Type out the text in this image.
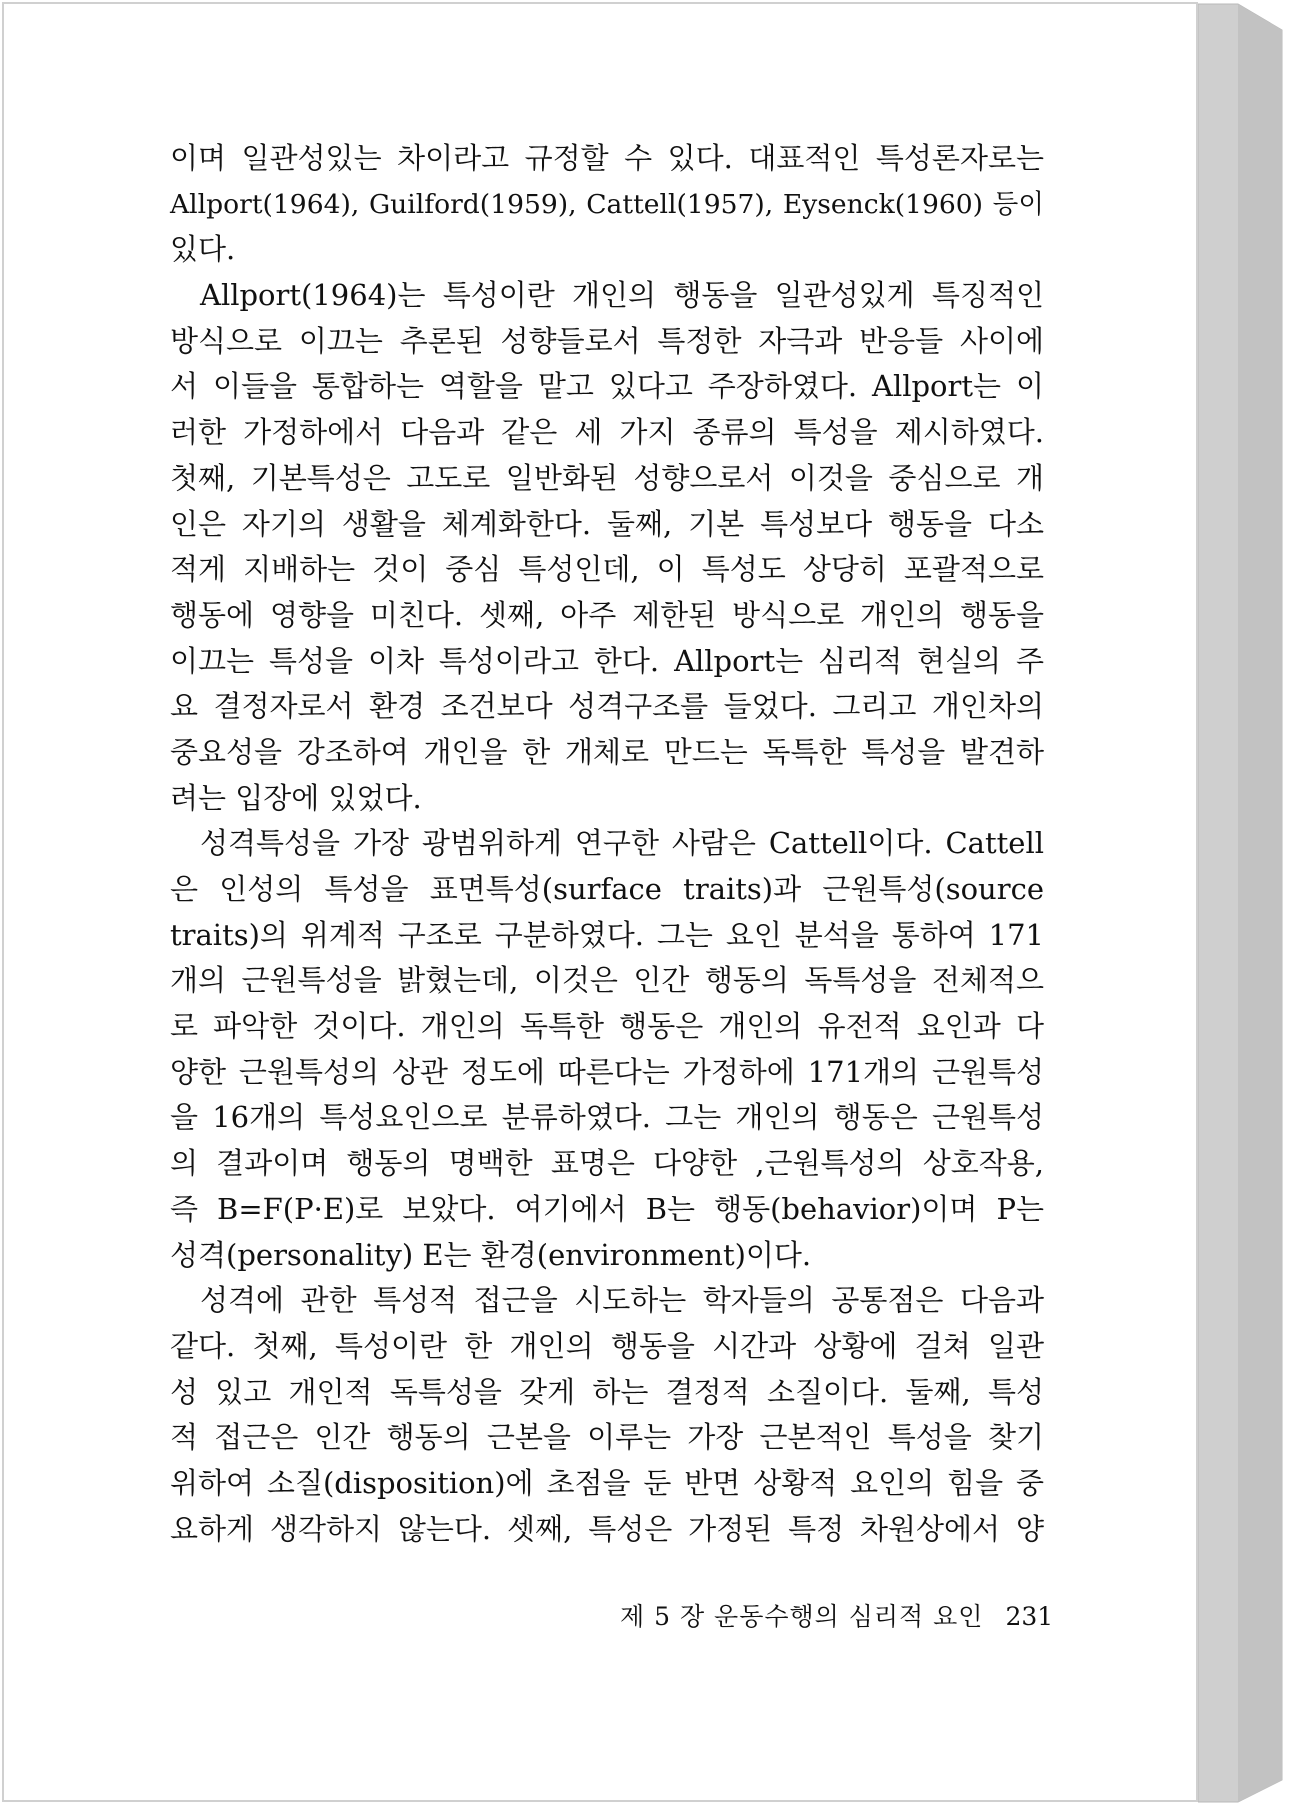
이며 일관성있는 차이라고 규정할 수 있다. 대표적인 특성론자로는
Allport(1964), Guilford(1959), Cattell(1957), Eysenck(1960) 등이
있다.
Allport(1964)는 특성이란 개인의 행동을 일관성있게 특징적인
방식으로 이끄는 추론된 성향들로서 특정한 자극과 반응들 사이에
서 이들을 통합하는 역할을 맡고 있다고 주장하였다. Allport는 이
러한 가정하에서 다음과 같은 세 가지 종류의 특성을 제시하였다.
첫째, 기본특성은 고도로 일반화된 성향으로서 이것을 중심으로 개
인은 자기의 생활을 체계화한다. 둘째, 기본 특성보다 행동을 다소
적게 지배하는 것이 중심 특성인데, 이 특성도 상당히 포괄적으로
행동에 영향을 미친다. 셋째, 아주 제한된 방식으로 개인의 행동을
이끄는 특성을 이차 특성이라고 한다. Allport는 심리적 현실의 주
요 결정자로서 환경 조건보다 성격구조를 들었다. 그리고 개인차의
중요성을 강조하여 개인을 한 개체로 만드는 독특한 특성을 발견하
려는 입장에 있었다.
성격특성을 가장 광범위하게 연구한 사람은 Cattell이다. Cattell
은 인성의 특성을 표면특성(surface traits)과 근원특성(source
traits)의 위계적 구조로 구분하였다. 그는 요인 분석을 통하여 171
개의 근원특성을 밝혔는데, 이것은 인간 행동의 독특성을 전체적으
로 파악한 것이다. 개인의 독특한 행동은 개인의 유전적 요인과 다
양한 근원특성의 상관 정도에 따른다는 가정하에 171개의 근원특성
을 16개의 특성요인으로 분류하였다. 그는 개인의 행동은 근원특성
의 결과이며 행동의 명백한 표명은 다양한 ,근원특성의 상호작용,
즉 B=F(P·E)로 보았다. 여기에서 B는 행동(behavior)이며 P는
성격(personality) E는 환경(environment)이다.
성격에 관한 특성적 접근을 시도하는 학자들의 공통점은 다음과
같다. 첫째, 특성이란 한 개인의 행동을 시간과 상황에 걸쳐 일관
성 있고 개인적 독특성을 갖게 하는 결정적 소질이다. 둘째, 특성
적 접근은 인간 행동의 근본을 이루는 가장 근본적인 특성을 찾기
위하여 소질(disposition)에 초점을 둔 반면 상황적 요인의 힘을 중
요하게 생각하지 않는다. 셋째, 특성은 가정된 특정 차원상에서 양
제 5 장 운동수행의 심리적 요인 231
